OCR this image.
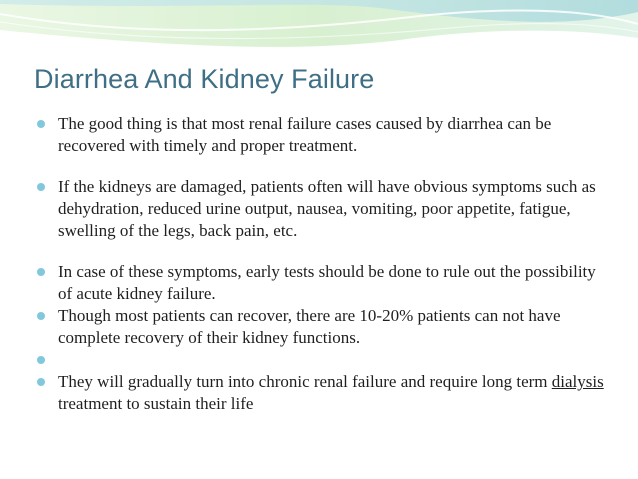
Diarrhea And Kidney Failure
The good thing is that most renal failure cases caused by diarrhea can be recovered with timely and proper treatment.
If the kidneys are damaged, patients often will have obvious symptoms such as dehydration, reduced urine output, nausea, vomiting, poor appetite, fatigue, swelling of the legs, back pain, etc.
In case of these symptoms, early tests should be done to rule out the possibility of acute kidney failure.
Though most patients can recover, there are 10-20% patients can not have complete recovery of their kidney functions.
They will gradually turn into chronic renal failure and require long term dialysis treatment to sustain their life
